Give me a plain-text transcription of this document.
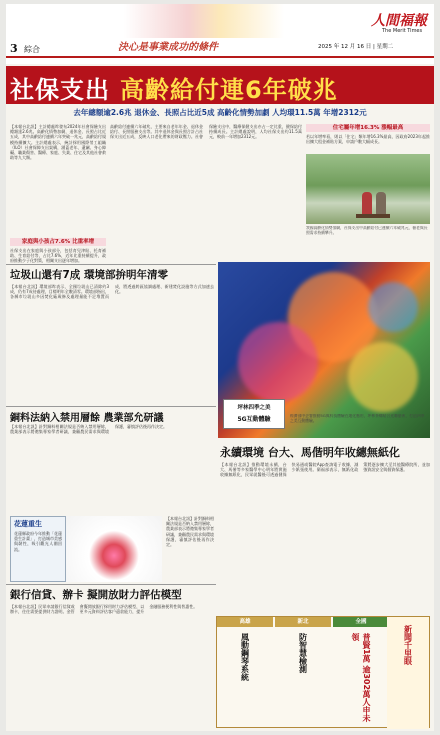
3 綜合	決心是事業成功的條件
人間福報
The Merit Times
2025 年 12 月 16 日 | 星期二
社保支出 高齡給付連6年破兆
去年總額逾2.6兆 退休金、長照占比近5成 高齡化情勢加劇 人均環11.5萬 年增2312元
【本報台北訊】主計總處昨發布2024年社會保險支出總額達2.6兆。高齡化情勢加劇，退休金、長照占比近五成，其中高齡給付連續六年突破一兆元，高齡給付規模持續擴大。主計總處表示，統計採用國際勞工組織（ILO）社會保障支出架構，涵蓋老年、遺屬、身心障礙、職業傷害、醫療、家庭、失業、住宅及其他社會救助等九大類。
家庭與小孩占7.6% 比重率增
社保支出在家庭與小孩部分，包括育兒津貼、托育補助、生育給付等，占比7.6%，近年比重持續提升，政府推動少子化對策，相關支出逐年增加。
高齡給付連續六年破兆，主要來自老年年金、退休金給付、長照服務支出等。其中退休金與長照合計占社保支出近五成，反映人口老化帶來的財政壓力。社會保險支出中，醫療保健支出亦占一定比重，健保給付持續成長。主計總處說明，人均社保支出約11.5萬元，較前一年增加2312元。
住宅屬年增16.3% 漲幅最高
若以年增率看，則以「住宅」類年增16.3%最高，因政府2023年起推出擴大租金補貼方案，申請戶數大幅成長。
我國高齡化情勢加劇，社保支出中高齡給付已連續六年破兆元，養老與長照需求持續攀升。
垃圾山還有7成 環境部拚明年清零
【本報台北訊】環境部昨表示，全國垃圾山已清除約3成，仍有7成待處理，目標明年全數清零。環境部指出，各縣市垃圾山多因焚化廠歲修及處理量能不足堆置而成，將透過跨區協調處理、新建焚化設施等方式加速去化。
銅料法納入禁用層餘 農業部允研議
【本報台北訊】針對銅料相關法規是否納入禁用層餘，農業部表示將邀集專家學者研議，兼顧農民需求與環境保護，審慎評估後再作決定。
花蓮重生
花蓮縣政府今年推動「花蓮重生計畫」，打造城市美感與韌性，吸引觀光人潮回流。
【本報台北訊】針對銅料相關法規是否納入禁用層餘，農業部表示將邀集專家學者研議，兼顧農民需求與環境保護，審慎評估後再作決定。
銀行信貸、辦卡 擬開放財力評估模型
【本報台北訊】民眾申請銀行信貸或辦卡，往往需要提供財力證明。金管會擬開放銀行採用財力評估模型，以更多元資料評估客戶還款能力，提升金融服務便利性與普惠性。
坪林四季之美
5G互動體驗
經濟部中企署推動5G與科技體驗在地化應用，坪林茶鄉結合光雕藝術，打造四季之美互動體驗。
永續環境 台大、馬偕明年收繐無紙化
【本報台北訊】推動環境永續，台大、馬偕等多家醫學中心明年將實施收據無紙化，民眾就醫後可透過健保快易通或醫院App查詢電子收據，減少紙張使用。衛福部表示，無紙化政策將逐步擴大至其他醫療院所，並加強資訊安全與個資保護。
高雄
風動鋼琴系統
新北
防智慧檢測
全國
普賢1萬 逾302萬人申未領	新聞千里眼
